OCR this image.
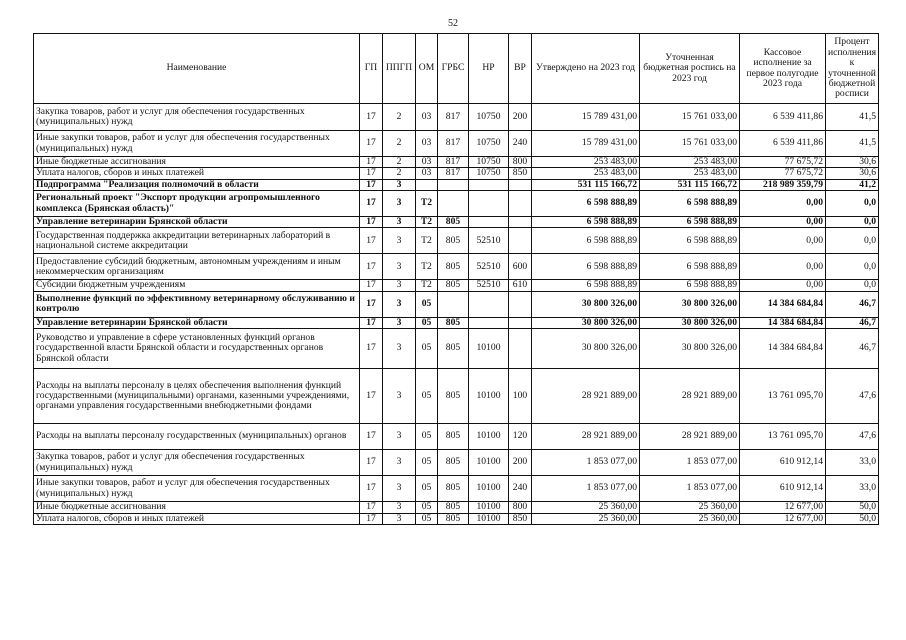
52
Наименование	ГП	ППГП	ОМ	ГРБС	НР	ВР	Утверждено на 2023 год	Уточненная бюджетная роспись на 2023 год	Кассовое исполнение за первое полугодие 2023 года	Процент исполнения к уточненной бюджетной росписи
Закупка товаров, работ и услуг для обеспечения государственных (муниципальных) нужд	17	2	03	817	10750	200	15 789 431,00	15 761 033,00	6 539 411,86	41,5
Иные закупки товаров, работ и услуг для обеспечения государственных (муниципальных) нужд	17	2	03	817	10750	240	15 789 431,00	15 761 033,00	6 539 411,86	41,5
Иные бюджетные ассигнования	17	2	03	817	10750	800	253 483,00	253 483,00	77 675,72	30,6
Уплата налогов, сборов и иных платежей	17	2	03	817	10750	850	253 483,00	253 483,00	77 675,72	30,6
Подпрограмма "Реализация полномочий в области	17	3					531 115 166,72	531 115 166,72	218 989 359,79	41,2
Региональный проект "Экспорт продукции агропромышленного комплекса (Брянская область)"	17	3	T2				6 598 888,89	6 598 888,89	0,00	0,0
Управление ветеринарии Брянской области	17	3	T2	805			6 598 888,89	6 598 888,89	0,00	0,0
Государственная поддержка аккредитации ветеринарных лабораторий в национальной системе аккредитации	17	3	T2	805	52510		6 598 888,89	6 598 888,89	0,00	0,0
Предоставление субсидий бюджетным, автономным учреждениям и иным некоммерческим организациям	17	3	T2	805	52510	600	6 598 888,89	6 598 888,89	0,00	0,0
Субсидии бюджетным учреждениям	17	3	T2	805	52510	610	6 598 888,89	6 598 888,89	0,00	0,0
Выполнение функций по эффективному ветеринарному обслуживанию и контролю	17	3	05				30 800 326,00	30 800 326,00	14 384 684,84	46,7
Управление ветеринарии Брянской области	17	3	05	805			30 800 326,00	30 800 326,00	14 384 684,84	46,7
Руководство и управление в сфере установленных функций органов государственной власти Брянской области и государственных органов Брянской области	17	3	05	805	10100		30 800 326,00	30 800 326,00	14 384 684,84	46,7
Расходы на выплаты персоналу в целях обеспечения выполнения функций государственными (муниципальными) органами, казенными учреждениями, органами управления государственными внебюджетными фондами	17	3	05	805	10100	100	28 921 889,00	28 921 889,00	13 761 095,70	47,6
Расходы на выплаты персоналу государственных (муниципальных) органов	17	3	05	805	10100	120	28 921 889,00	28 921 889,00	13 761 095,70	47,6
Закупка товаров, работ и услуг для обеспечения государственных (муниципальных) нужд	17	3	05	805	10100	200	1 853 077,00	1 853 077,00	610 912,14	33,0
Иные закупки товаров, работ и услуг для обеспечения государственных (муниципальных) нужд	17	3	05	805	10100	240	1 853 077,00	1 853 077,00	610 912,14	33,0
Иные бюджетные ассигнования	17	3	05	805	10100	800	25 360,00	25 360,00	12 677,00	50,0
Уплата налогов, сборов и иных платежей	17	3	05	805	10100	850	25 360,00	25 360,00	12 677,00	50,0
